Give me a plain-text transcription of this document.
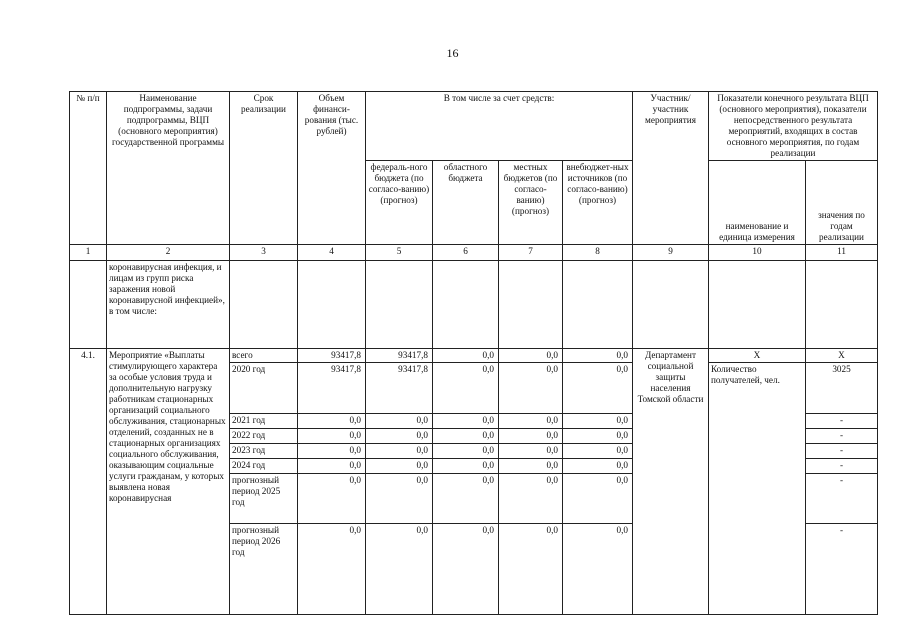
16
№ п/п	Наименование подпрограммы, задачи подпрограммы, ВЦП (основного мероприятия) государственной программы	Срок реализации	Объем финанси-рования (тыс. рублей)	В том числе за счет средств:				Участник/ участник мероприятия	Показатели конечного результата ВЦП (основного мероприятия), показатели непосредственного результата мероприятий, входящих в состав основного мероприятия, по годам реализации	
				федераль-ного бюджета (по согласо-ванию) (прогноз)	областного бюджета	местных бюджетов (по согласо-ванию) (прогноз)	внебюджет-ных источников (по согласо-ванию) (прогноз)		наименование и единица измерения	значения по годам реализации
1	2	3	4	5	6	7	8	9	10	11
	коронавирусная инфекция, и лицам из групп риска заражения новой коронавирусной инфекцией», в том числе:									
4.1.	Мероприятие «Выплаты стимулирующего характера за особые условия труда и дополнительную нагрузку работникам стационарных организаций социального обслуживания, стационарных отделений, созданных не в стационарных организациях социального обслуживания, оказывающим социальные услуги гражданам, у которых выявлена новая коронавирусная	всего	93417,8	93417,8	0,0	0,0	0,0	Департамент социальной защиты населения Томской области	Х	Х
		2020 год	93417,8	93417,8	0,0	0,0	0,0		Количество получателей, чел.	3025
		2021 год	0,0	0,0	0,0	0,0	0,0			-
		2022 год	0,0	0,0	0,0	0,0	0,0			-
		2023 год	0,0	0,0	0,0	0,0	0,0			-
		2024 год	0,0	0,0	0,0	0,0	0,0			-
		прогнозный период 2025 год	0,0	0,0	0,0	0,0	0,0			-
		прогнозный период 2026 год	0,0	0,0	0,0	0,0	0,0			-
